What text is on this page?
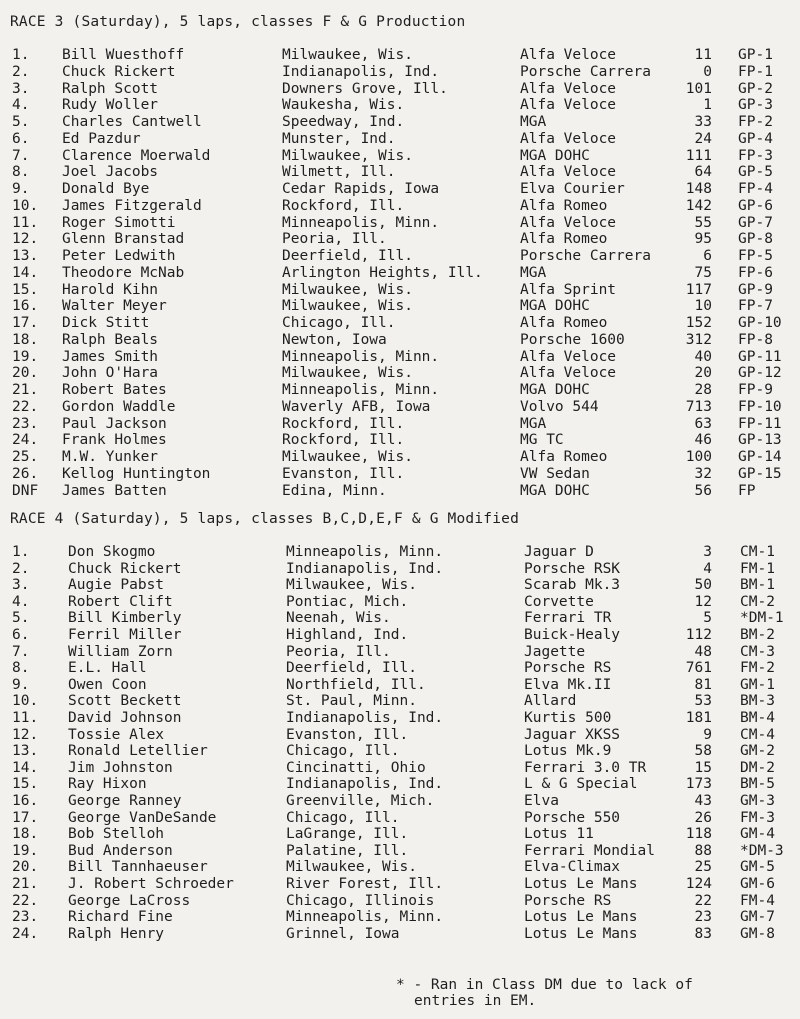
RACE 3 (Saturday), 5 laps, classes F & G Production
1. Bill Wuesthoff	Milwaukee, Wis.	Alfa Veloce	11 GP-1
2. Chuck Rickert	Indianapolis, Ind.	Porsche Carrera	0 FP-1
3. Ralph Scott	Downers Grove, Ill.	Alfa Veloce	101 GP-2
4. Rudy Woller	Waukesha, Wis.	Alfa Veloce	1 GP-3
5. Charles Cantwell	Speedway, Ind.	MGA	33 FP-2
6. Ed Pazdur	Munster, Ind.	Alfa Veloce	24 GP-4
7. Clarence Moerwald	Milwaukee, Wis.	MGA DOHC	111 FP-3
8. Joel Jacobs	Wilmett, Ill.	Alfa Veloce	64 GP-5
9. Donald Bye	Cedar Rapids, Iowa	Elva Courier	148 FP-4
10. James Fitzgerald	Rockford, Ill.	Alfa Romeo	142 GP-6
11. Roger Simotti	Minneapolis, Minn.	Alfa Veloce	55 GP-7
12. Glenn Branstad	Peoria, Ill.	Alfa Romeo	95 GP-8
13. Peter Ledwith	Deerfield, Ill.	Porsche Carrera	6 FP-5
14. Theodore McNab	Arlington Heights, Ill.	MGA	75 FP-6
15. Harold Kihn	Milwaukee, Wis.	Alfa Sprint	117 GP-9
16. Walter Meyer	Milwaukee, Wis.	MGA DOHC	10 FP-7
17. Dick Stitt	Chicago, Ill.	Alfa Romeo	152 GP-10
18. Ralph Beals	Newton, Iowa	Porsche 1600	312 FP-8
19. James Smith	Minneapolis, Minn.	Alfa Veloce	40 GP-11
20. John O'Hara	Milwaukee, Wis.	Alfa Veloce	20 GP-12
21. Robert Bates	Minneapolis, Minn.	MGA DOHC	28 FP-9
22. Gordon Waddle	Waverly AFB, Iowa	Volvo 544	713 FP-10
23. Paul Jackson	Rockford, Ill.	MGA	63 FP-11
24. Frank Holmes	Rockford, Ill.	MG TC	46 GP-13
25. M.W. Yunker	Milwaukee, Wis.	Alfa Romeo	100 GP-14
26. Kellog Huntington	Evanston, Ill.	VW Sedan	32 GP-15
DNF James Batten	Edina, Minn.	MGA DOHC	56 FP
RACE 4 (Saturday), 5 laps, classes B,C,D,E,F & G Modified
1.	Don Skogmo	Minneapolis, Minn.	Jaguar D	3 CM-1
2.	Chuck Rickert	Indianapolis, Ind.	Porsche RSK	4 FM-1
3.	Augie Pabst	Milwaukee, Wis.	Scarab Mk.3	50 BM-1
4.	Robert Clift	Pontiac, Mich.	Corvette	12 CM-2
5.	Bill Kimberly	Neenah, Wis.	Ferrari TR	5 *DM-1
6.	Ferril Miller	Highland, Ind.	Buick-Healy	112 BM-2
7.	William Zorn	Peoria, Ill.	Jagette	48 CM-3
8.	E.L. Hall	Deerfield, Ill.	Porsche RS	761 FM-2
9.	Owen Coon	Northfield, Ill.	Elva Mk.II	81 GM-1
10. Scott Beckett	St. Paul, Minn.	Allard	53 BM-3
11. David Johnson	Indianapolis, Ind.	Kurtis 500	181 BM-4
12. Tossie Alex	Evanston, Ill.	Jaguar XKSS	9 CM-4
13. Ronald Letellier	Chicago, Ill.	Lotus Mk.9	58 GM-2
14. Jim Johnston	Cincinatti, Ohio	Ferrari 3.0 TR	15 DM-2
15. Ray Hixon	Indianapolis, Ind.	L & G Special	173 BM-5
16. George Ranney	Greenville, Mich.	Elva	43 GM-3
17. George VanDeSande	Chicago, Ill.	Porsche 550	26 FM-3
18. Bob Stelloh	LaGrange, Ill.	Lotus 11	118 GM-4
19. Bud Anderson	Palatine, Ill.	Ferrari Mondial	88 *DM-3
20. Bill Tannhaeuser	Milwaukee, Wis.	Elva-Climax	25 GM-5
21. J. Robert Schroeder	River Forest, Ill.	Lotus Le Mans	124 GM-6
22. George LaCross	Chicago, Illinois	Porsche RS	22 FM-4
23. Richard Fine	Minneapolis, Minn.	Lotus Le Mans	23 GM-7
24. Ralph Henry	Grinnel, Iowa	Lotus Le Mans	83 GM-8
* - Ran in Class DM due to lack of
entries in EM.
